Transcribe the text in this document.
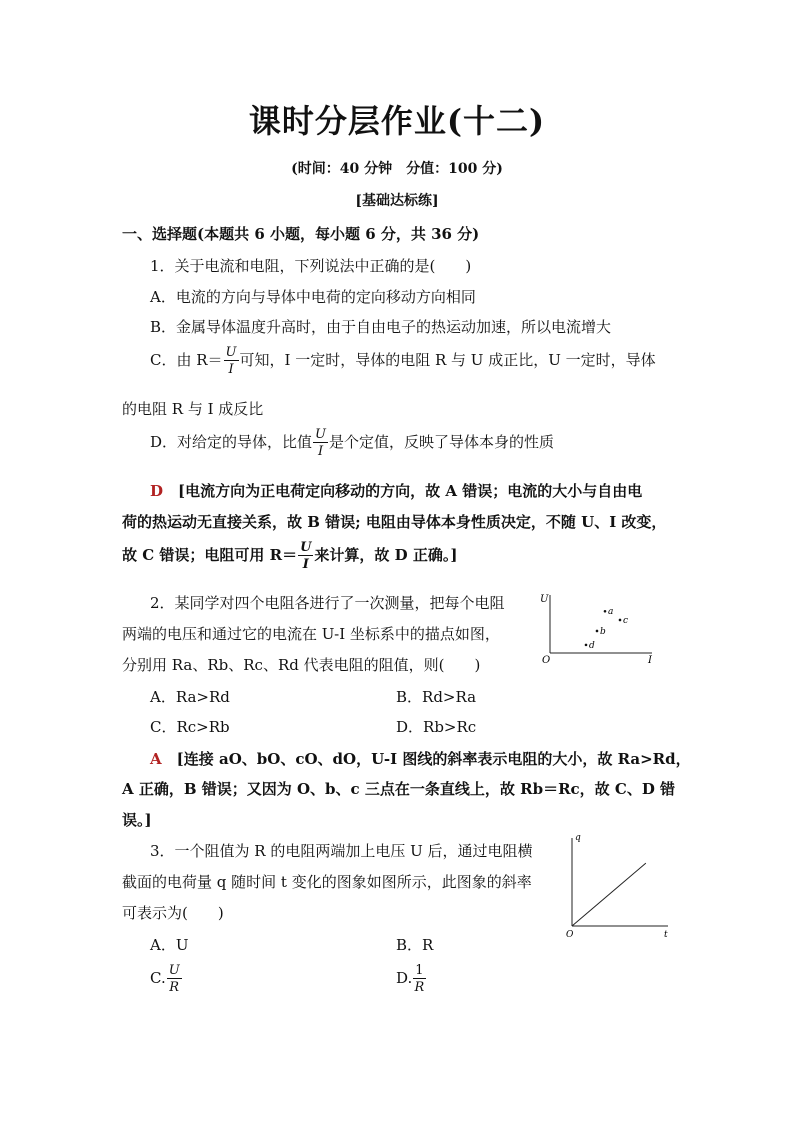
课时分层作业(十二)
(时间：40 分钟　分值：100 分)
[基础达标练]
一、选择题(本题共 6 小题，每小题 6 分，共 36 分)
1．关于电流和电阻，下列说法中正确的是(　　)
A．电流的方向与导体中电荷的定向移动方向相同
B．金属导体温度升高时，由于自由电子的热运动加速，所以电流增大
C．由 $R= \frac{U}{I}$ 可知，I 一定时，导体的电阻 R 与 U 成正比，U 一定时，导体
的电阻 R 与 I 成反比
D．对给定的导体，比值 $\frac{U}{I}$ 是个定值，反映了导体本身的性质
D　 [电流方向为正电荷定向移动的方向，故 A 错误；电流的大小与自由电
荷的热运动无直接关系，故 B 错误; 电阻由导体本身性质决定，不随 U、I 改变，
故 C 错误；电阻可用 $R= \frac{U}{I}$ 来计算，故 D 正确。]
2．某同学对四个电阻各进行了一次测量，把每个电阻
两端的电压和通过它的电流在 U-I 坐标系中的描点如图，
分别用 Ra、Rb、Rc、Rd 代表电阻的阻值，则(　　)
A．Ra>Rd	B．Rd>Ra
C．Rc>Rb	D．Rb>Rc
A　 [连接 aO、bO、cO、dO，U-I 图线的斜率表示电阻的大小，故 Ra>Rd，
A 正确，B 错误；又因为 O、b、c 三点在一条直线上，故 Rb＝Rc，故 C、D 错
误。]
U
I
O
a
b
c
d
3．一个阻值为 R 的电阻两端加上电压 U 后，通过电阻横
截面的电荷量 q 随时间 t 变化的图象如图所示，此图象的斜率
可表示为(　　)
A．U	B．R
C. $\frac{U}{R}$	D. $\frac{1}{R}$
q
t
O
